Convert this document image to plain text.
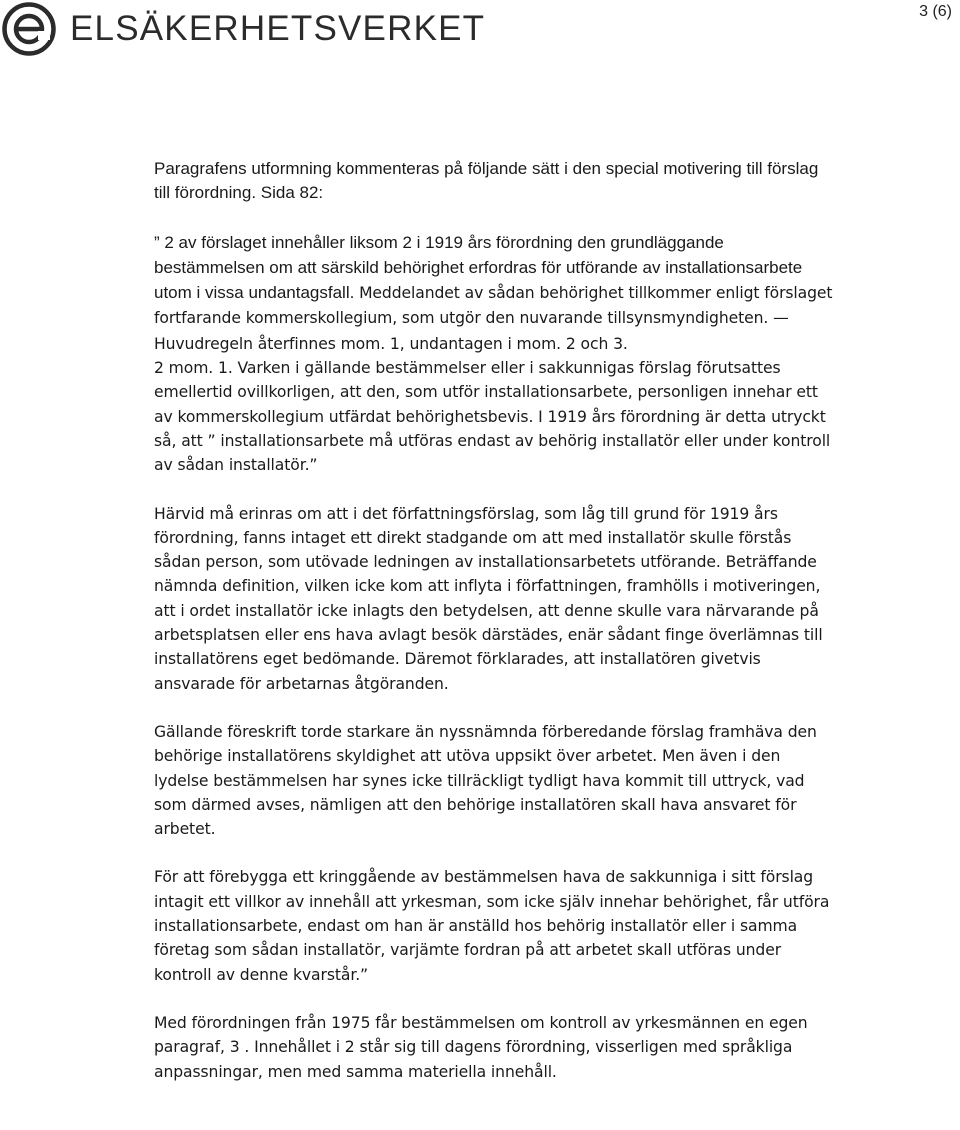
ELSÄKERHETSVERKET	3 (6)

Paragrafens utformning kommenteras på följande sätt i den special motivering till förslag till förordning. Sida 82:

” 2 av förslaget innehåller liksom 2 i 1919 års förordning den grundläggande bestämmelsen om att särskild behörighet erfordras för utförande av installationsarbete utom i vissa undantagsfall. Meddelandet av sådan behörighet tillkommer enligt förslaget fortfarande kommerskollegium, som utgör den nuvarande tillsynsmyndigheten. — Huvudregeln återfinnes mom. 1, undantagen i mom. 2 och 3.

2 mom. 1. Varken i gällande bestämmelser eller i sakkunnigas förslag förutsattes emellertid ovillkorligen, att den, som utför installationsarbete, personligen innehar ett av kommerskollegium utfärdat behörighetsbevis. I 1919 års förordning är detta utryckt så, att ” installationsarbete må utföras endast av behörig installatör eller under kontroll av sådan installatör.”

Härvid må erinras om att i det författningsförslag, som låg till grund för 1919 års förordning, fanns intaget ett direkt stadgande om att med installatör skulle förstås sådan person, som utövade ledningen av installationsarbetets utförande. Beträffande nämnda definition, vilken icke kom att inflyta i författningen, framhölls i motiveringen, att i ordet installatör icke inlagts den betydelsen, att denne skulle vara närvarande på arbetsplatsen eller ens hava avlagt besök därstädes, enär sådant finge överlämnas till installatörens eget bedömande. Däremot förklarades, att installatören givetvis ansvarade för arbetarnas åtgöranden.

Gällande föreskrift torde starkare än nyssnämnda förberedande förslag framhäva den behörige installatörens skyldighet att utöva uppsikt över arbetet. Men även i den lydelse bestämmelsen har synes icke tillräckligt tydligt hava kommit till uttryck, vad som därmed avses, nämligen att den behörige installatören skall hava ansvaret för arbetet.

För att förebygga ett kringgående av bestämmelsen hava de sakkunniga i sitt förslag intagit ett villkor av innehåll att yrkesman, som icke själv innehar behörighet, får utföra installationsarbete, endast om han är anställd hos behörig installatör eller i samma företag som sådan installatör, varjämte fordran på att arbetet skall utföras under kontroll av denne kvarstår.”

Med förordningen från 1975 får bestämmelsen om kontroll av yrkesmännen en egen paragraf, 3 . Innehållet i 2 står sig till dagens förordning, visserligen med språkliga anpassningar, men med samma materiella innehåll.
